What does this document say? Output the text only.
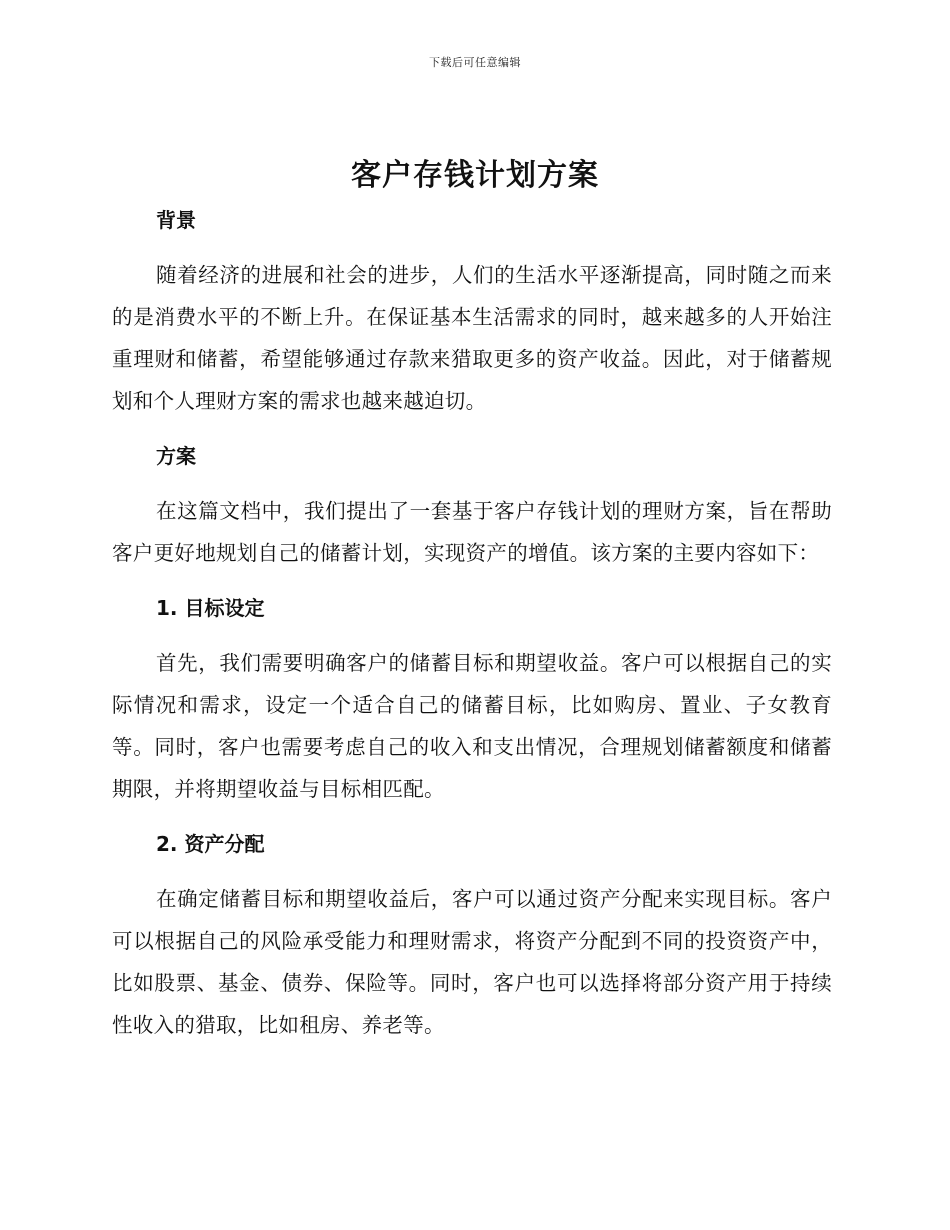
下载后可任意编辑
客户存钱计划方案

背景

随着经济的进展和社会的进步，人们的生活水平逐渐提高，同时随之而来的是消费水平的不断上升。在保证基本生活需求的同时，越来越多的人开始注重理财和储蓄，希望能够通过存款来猎取更多的资产收益。因此，对于储蓄规划和个人理财方案的需求也越来越迫切。

方案

在这篇文档中，我们提出了一套基于客户存钱计划的理财方案，旨在帮助客户更好地规划自己的储蓄计划，实现资产的增值。该方案的主要内容如下：

1. 目标设定

首先，我们需要明确客户的储蓄目标和期望收益。客户可以根据自己的实际情况和需求，设定一个适合自己的储蓄目标，比如购房、置业、子女教育等。同时，客户也需要考虑自己的收入和支出情况，合理规划储蓄额度和储蓄期限，并将期望收益与目标相匹配。

2. 资产分配

在确定储蓄目标和期望收益后，客户可以通过资产分配来实现目标。客户可以根据自己的风险承受能力和理财需求，将资产分配到不同的投资资产中，比如股票、基金、债券、保险等。同时，客户也可以选择将部分资产用于持续性收入的猎取，比如租房、养老等。
